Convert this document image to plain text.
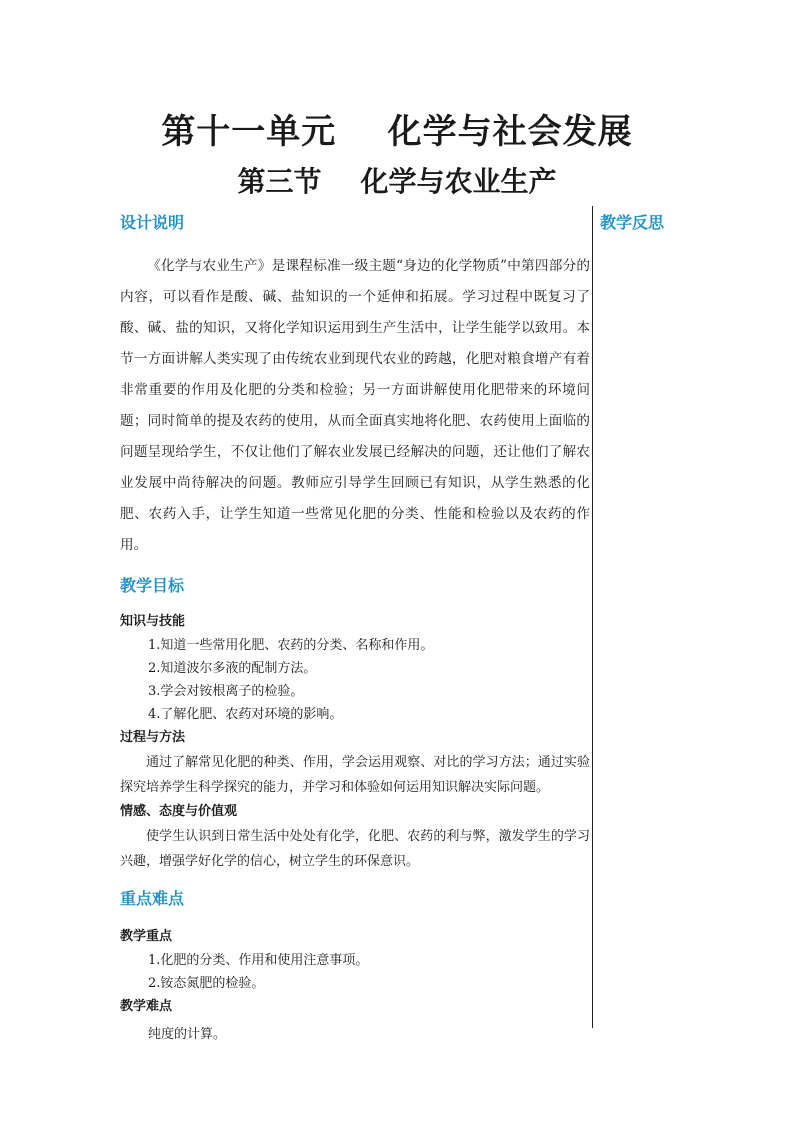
第十一单元    化学与社会发展
第三节    化学与农业生产

教学反思

设计说明

《化学与农业生产》是课程标准一级主题“身边的化学物质”中第四部分的内容，可以看作是酸、碱、盐知识的一个延伸和拓展。学习过程中既复习了酸、碱、盐的知识，又将化学知识运用到生产生活中，让学生能学以致用。本节一方面讲解人类实现了由传统农业到现代农业的跨越，化肥对粮食增产有着非常重要的作用及化肥的分类和检验；另一方面讲解使用化肥带来的环境问题；同时简单的提及农药的使用，从而全面真实地将化肥、农药使用上面临的问题呈现给学生，不仅让他们了解农业发展已经解决的问题，还让他们了解农业发展中尚待解决的问题。教师应引导学生回顾已有知识，从学生熟悉的化肥、农药入手，让学生知道一些常见化肥的分类、性能和检验以及农药的作用。

教学目标

知识与技能

1.知道一些常用化肥、农药的分类、名称和作用。

2.知道波尔多液的配制方法。

3.学会对铵根离子的检验。

4.了解化肥、农药对环境的影响。

过程与方法

通过了解常见化肥的种类、作用，学会运用观察、对比的学习方法；通过实验探究培养学生科学探究的能力，并学习和体验如何运用知识解决实际问题。

情感、态度与价值观

使学生认识到日常生活中处处有化学，化肥、农药的利与弊，激发学生的学习兴趣，增强学好化学的信心，树立学生的环保意识。

重点难点

教学重点

1.化肥的分类、作用和使用注意事项。

2.铵态氮肥的检验。

教学难点

纯度的计算。
